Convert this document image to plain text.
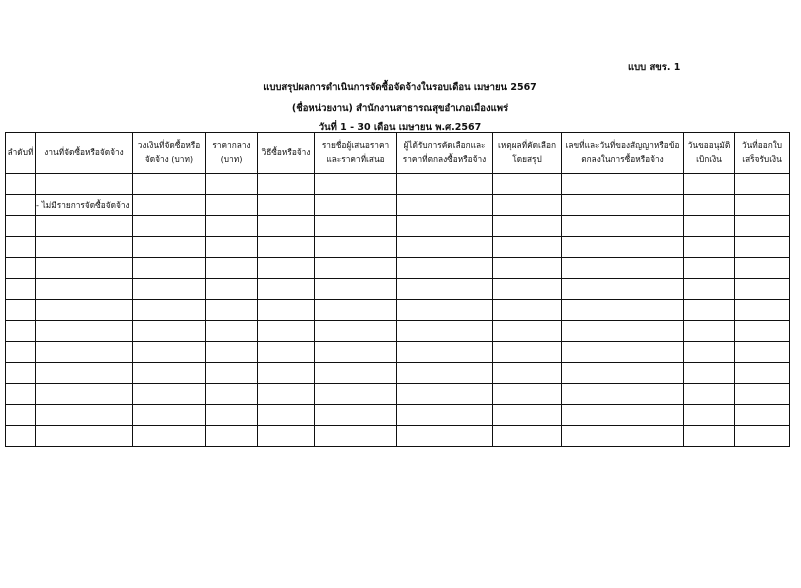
แบบ สขร. 1
แบบสรุปผลการดำเนินการจัดซื้อจัดจ้างในรอบเดือน เมษายน 2567
(ชื่อหน่วยงาน) สำนักงานสาธารณสุขอำเภอเมืองแพร่
วันที่ 1 - 30 เดือน เมษายน พ.ศ.2567
ลำดับที่	งานที่จัดซื้อหรือจัดจ้าง	วงเงินที่จัดซื้อหรือจัดจ้าง (บาท)	ราคากลาง (บาท)	วิธีซื้อหรือจ้าง	รายชื่อผู้เสนอราคาและราคาที่เสนอ	ผู้ได้รับการคัดเลือกและราคาที่ตกลงซื้อหรือจ้าง	เหตุผลที่คัดเลือกโดยสรุป	เลขที่และวันที่ของสัญญาหรือข้อตกลงในการซื้อหรือจ้าง	วันขออนุมัติเบิกเงิน	วันที่ออกใบเสร็จรับเงิน

	- ไม่มีรายการจัดซื้อจัดจ้าง									
